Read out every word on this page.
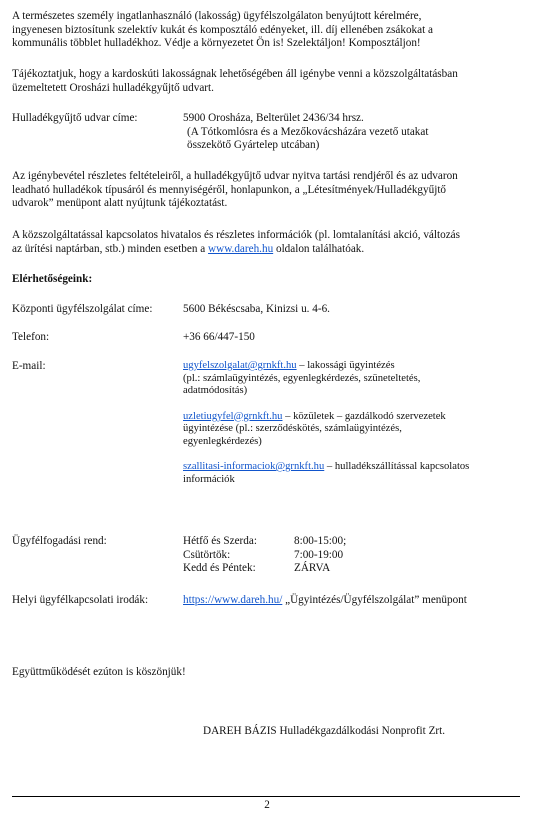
A természetes személy ingatlanhasználó (lakosság) ügyfélszolgálaton benyújtott kérelmére,
ingyenesen biztosítunk szelektív kukát és komposztáló edényeket, ill. díj ellenében zsákokat a
kommunális többlet hulladékhoz. Védje a környezetet Ön is! Szelektáljon! Komposztáljon!
Tájékoztatjuk, hogy a kardoskúti lakosságnak lehetőségében áll igénybe venni a közszolgáltatásban
üzemeltetett Orosházi hulladékgyűjtő udvart.
Hulladékgyűjtő udvar címe:	5900 Orosháza, Belterület 2436/34 hrsz.
(A Tótkomlósra és a Mezőkovácsházára vezető utakat
összekötő Gyártelep utcában)
Az igénybevétel részletes feltételeiről, a hulladékgyűjtő udvar nyitva tartási rendjéről és az udvaron
leadható hulladékok típusáról és mennyiségéről, honlapunkon, a „Létesítmények/Hulladékgyűjtő
udvarok” menüpont alatt nyújtunk tájékoztatást.
A közszolgáltatással kapcsolatos hivatalos és részletes információk (pl. lomtalanítási akció, változás
az ürítési naptárban, stb.) minden esetben a www.dareh.hu oldalon találhatóak.
Elérhetőségeink:
Központi ügyfélszolgálat címe:	5600 Békéscsaba, Kinizsi u. 4-6.
Telefon:	+36 66/447-150
E-mail:	ugyfelszolgalat@grnkft.hu – lakossági ügyintézés
(pl.: számlaügyintézés, egyenlegkérdezés, szüneteltetés,
adatmódosítás)
uzletiugyfel@grnkft.hu – közületek – gazdálkodó szervezetek
ügyintézése (pl.: szerződéskötés, számlaügyintézés,
egyenlegkérdezés)
szallitasi-informaciok@grnkft.hu – hulladékszállítással kapcsolatos
információk
Ügyfélfogadási rend:	Hétfő és Szerda:	8:00-15:00;
Csütörtök:	7:00-19:00
Kedd és Péntek:	ZÁRVA
Helyi ügyfélkapcsolati irodák:	https://www.dareh.hu/ „Ügyintézés/Ügyfélszolgálat” menüpont
Együttműködését ezúton is köszönjük!
DAREH BÁZIS Hulladékgazdálkodási Nonprofit Zrt.
2
